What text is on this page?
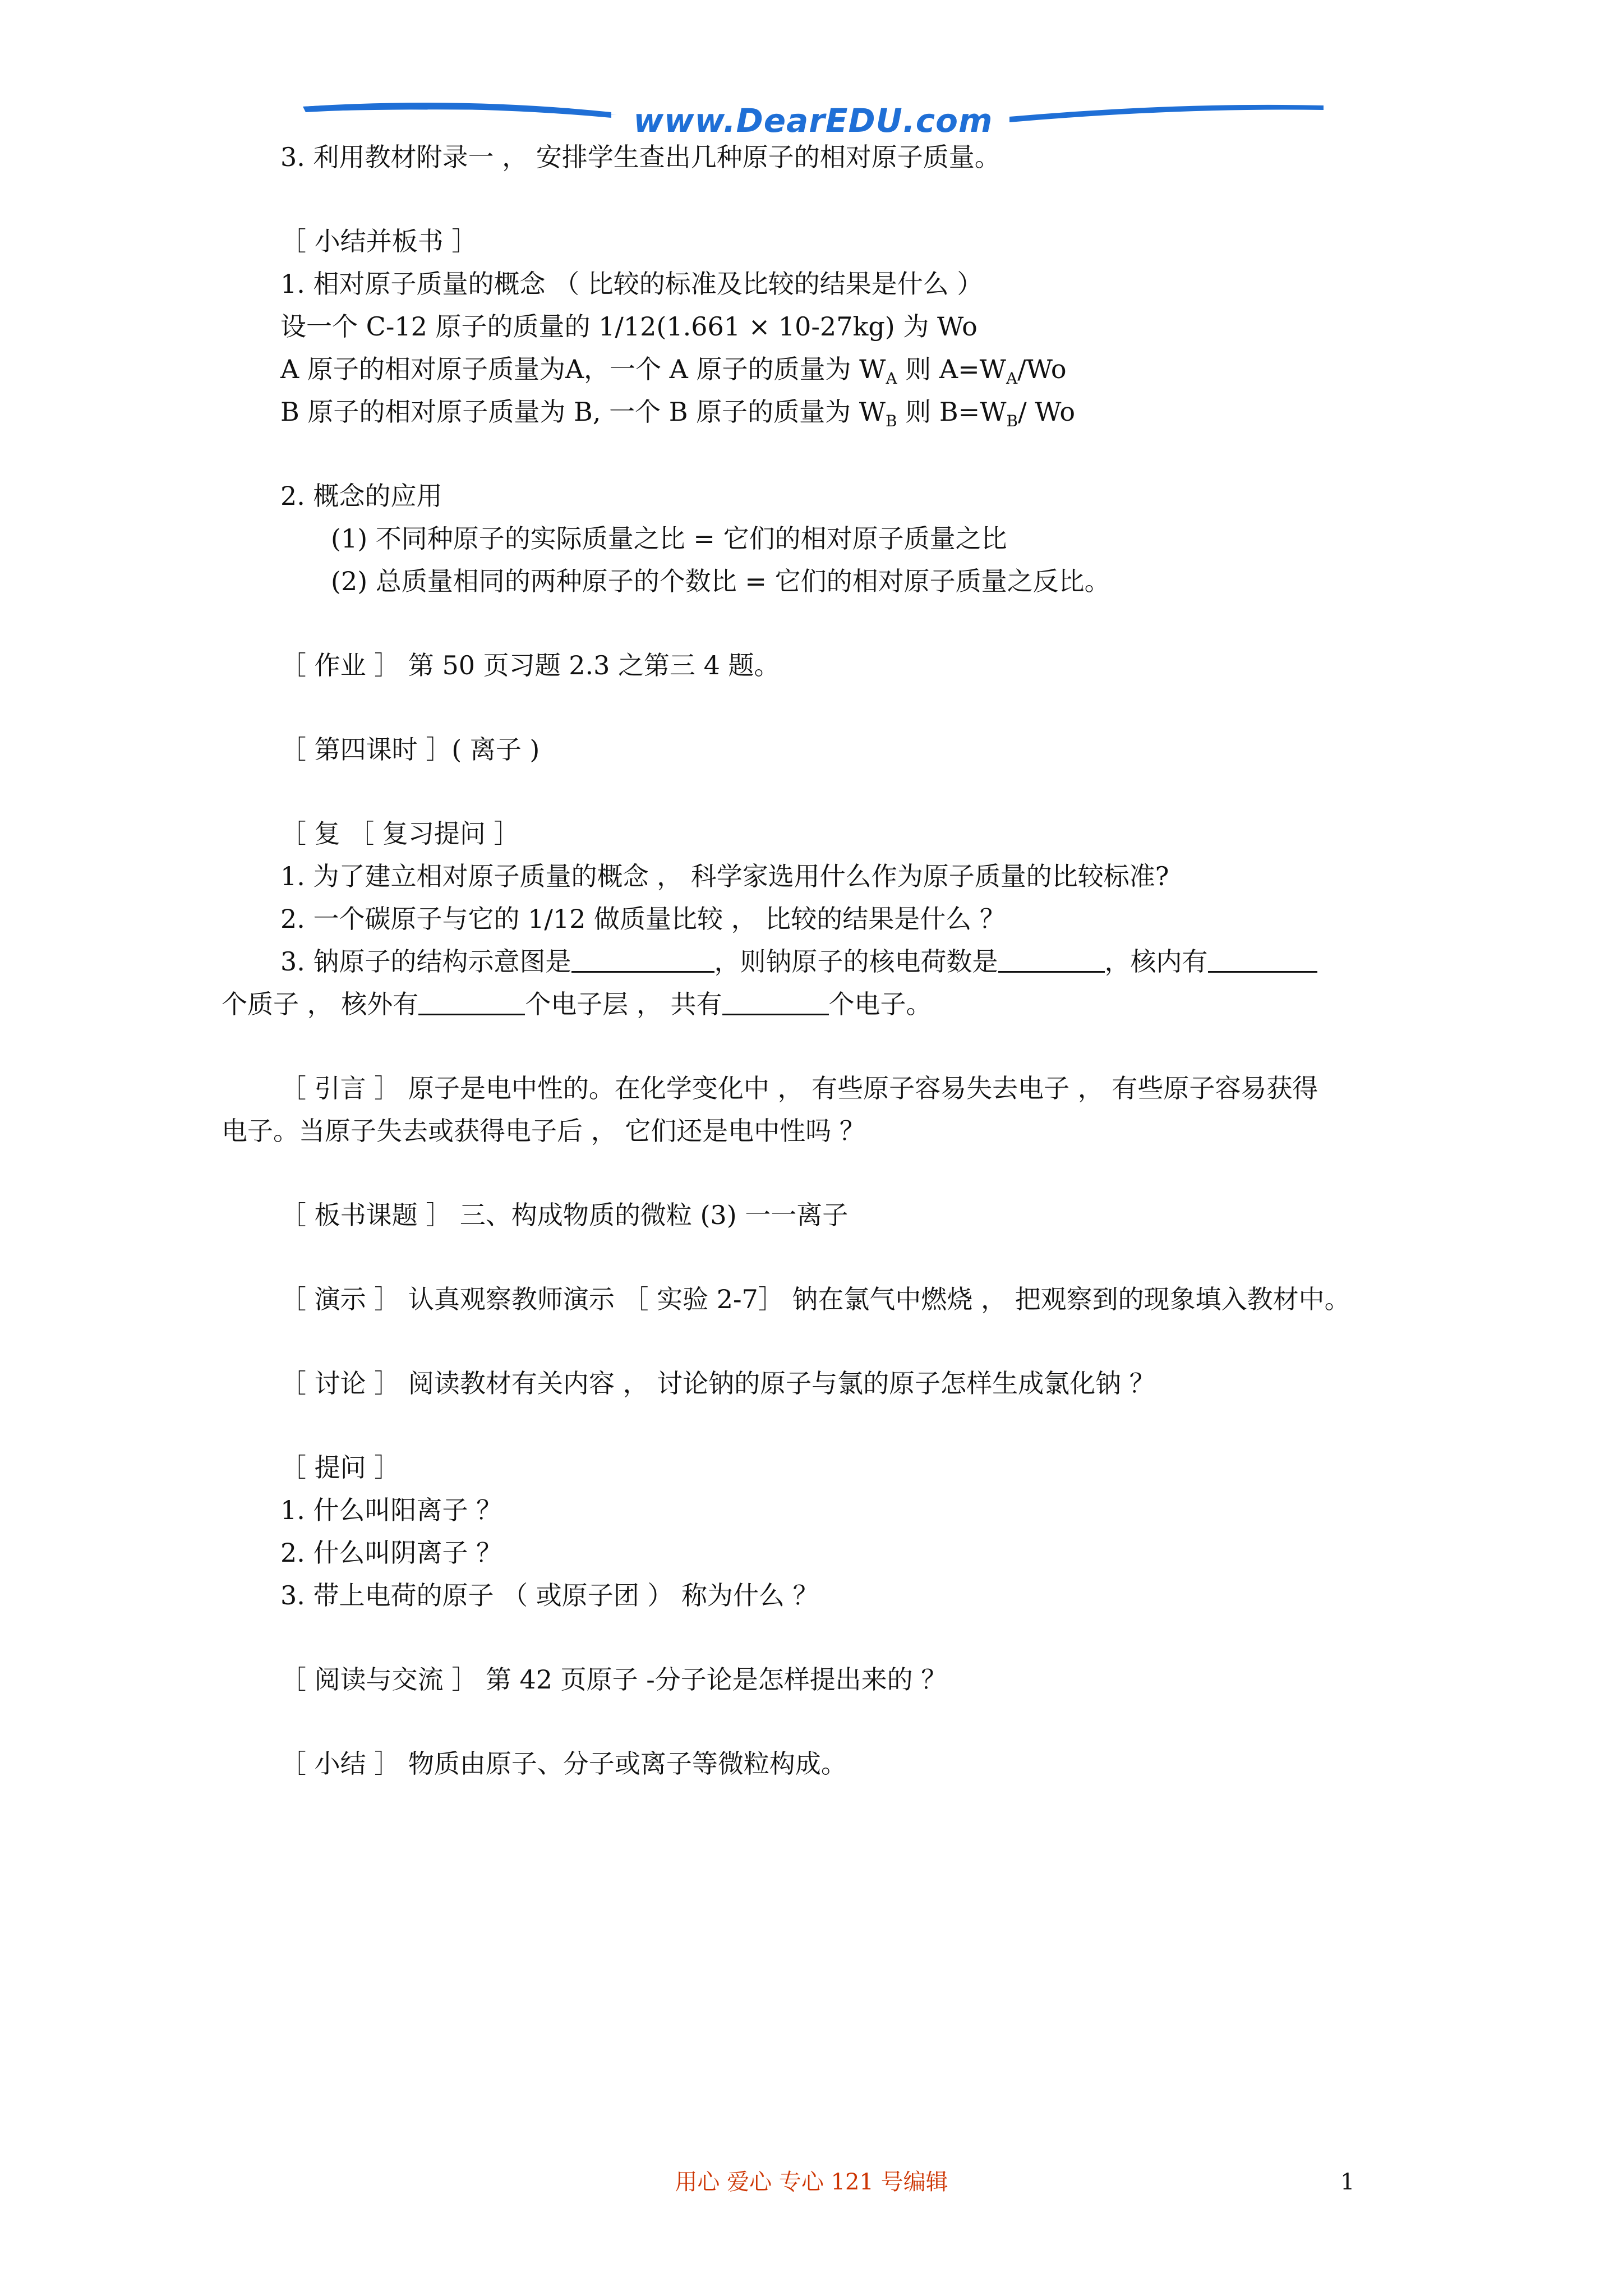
www.DearEDU.com
3. 利用教材附录一 ， 安排学生查出几种原子的相对原子质量。
［ 小结并板书 ］
1. 相对原子质量的概念 （ 比较的标准及比较的结果是什么 ）
设一个 C-12 原子的质量的 1/12(1.661 × 10-27kg) 为 Wo
A 原子的相对原子质量为A，一个 A 原子的质量为 $W_A$ 则 $A=W_A/Wo$
B 原子的相对原子质量为 B, 一个 B 原子的质量为 $W_B$ 则 $B=W_B/$ Wo
2. 概念的应用
(1) 不同种原子的实际质量之比 = 它们的相对原子质量之比
(2) 总质量相同的两种原子的个数比 = 它们的相对原子质量之反比。
［ 作业 ］ 第 50 页习题 2.3 之第三 4 题。
［ 第四课时 ］( 离子 )
［ 复 ［ 复习提问 ］
1. 为了建立相对原子质量的概念 ， 科学家选用什么作为原子质量的比较标准?
2. 一个碳原子与它的 1/12 做质量比较 ， 比较的结果是什么 ？
3. 钠原子的结构示意图是	，则钠原子的核电荷数是	，核内有
个质子 ， 核外有	个电子层 ， 共有	个电子。
［ 引言 ］ 原子是电中性的。在化学变化中 ， 有些原子容易失去电子 ， 有些原子容易获得
电子。当原子失去或获得电子后 ， 它们还是电中性吗 ？
［ 板书课题 ］ 三、构成物质的微粒 (3) 一一离子
［ 演示 ］ 认真观察教师演示 ［ 实验 2-7］ 钠在氯气中燃烧 ， 把观察到的现象填入教材中。
［ 讨论 ］ 阅读教材有关内容 ， 讨论钠的原子与氯的原子怎样生成氯化钠 ？
［ 提问 ］
1. 什么叫阳离子 ？
2. 什么叫阴离子 ？
3. 带上电荷的原子 （ 或原子团 ） 称为什么 ？
［ 阅读与交流 ］ 第 42 页原子 -分子论是怎样提出来的 ？
［ 小结 ］ 物质由原子、分子或离子等微粒构成。
用心 爱心 专心 121 号编辑	1
